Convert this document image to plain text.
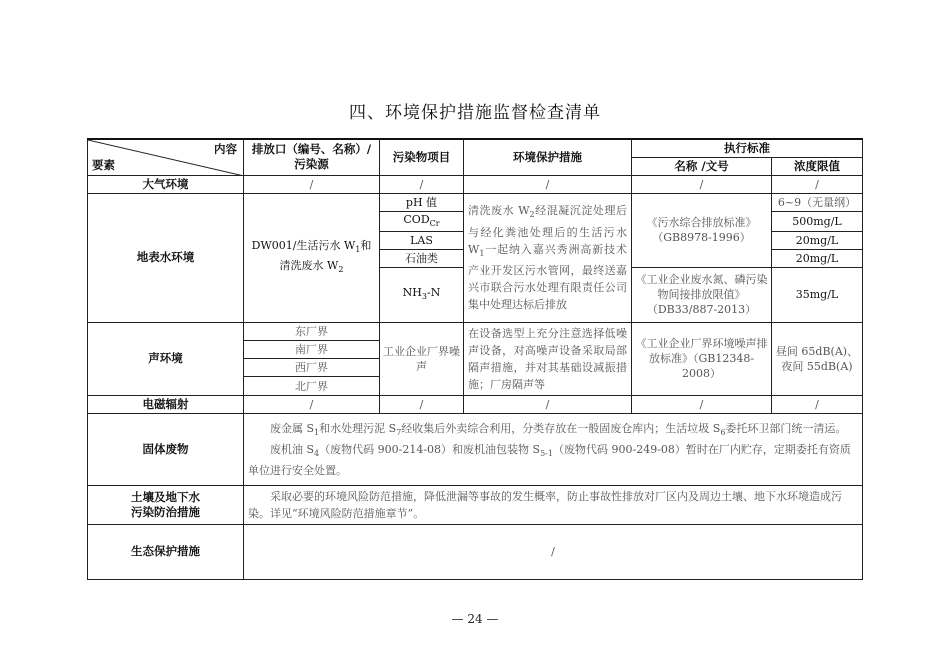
四、环境保护措施监督检查清单
内容
要素	排放口（编号、名称）/污染源	污染物项目	环境保护措施	执行标准	
				名称 /文号	浓度限值
大气环境	/	/	/	/	/
地表水环境	DW001/生活污水 $W_1$和清洗废水 $W_2$	pH 值	清洗废水 $W_2$经混凝沉淀处理后与经化粪池处理后的生活污水 $W_1$一起纳入嘉兴秀洲高新技术产业开发区污水管网，最终送嘉兴市联合污水处理有限责任公司集中处理达标后排放	《污水综合排放标准》（GB8978-1996）	6~9（无量纲）
		$COD_{Cr}$			500mg/L
		LAS			20mg/L
		石油类			20mg/L
		$NH_3-N$		《工业企业废水氮、磷污染物间接排放限值》（DB33/887-2013）	35mg/L
声环境	东厂界	工业企业厂界噪声	在设备选型上充分注意选择低噪声设备，对高噪声设备采取局部隔声措施，并对其基础设减振措施；厂房隔声等	《工业企业厂界环境噪声排放标准》（GB12348-2008）	昼间 65dB(A)、
夜间 55dB(A)
	南厂界				
	西厂界				
	北厂界				
电磁辐射	/	/	/	/	/
固体废物	废金属 $S_1$和水处理污泥 $S_7$经收集后外卖综合利用，分类存放在一般固废仓库内；生活垃圾 $S_6$委托环卫部门统一清运。
废机油 $S_4$（废物代码 900-214-08）和废机油包装物 $S_{5-1}$（废物代码 900-249-08）暂时在厂内贮存，定期委托有资质单位进行安全处置。				

土壤及地下水
污染防治措施	采取必要的环境风险防范措施，降低泄漏等事故的发生概率，防止事故性排放对厂区内及周边土壤、地下水环境造成污染。详见“环境风险防范措施章节”。				
生态保护措施	/				
— 24 —
